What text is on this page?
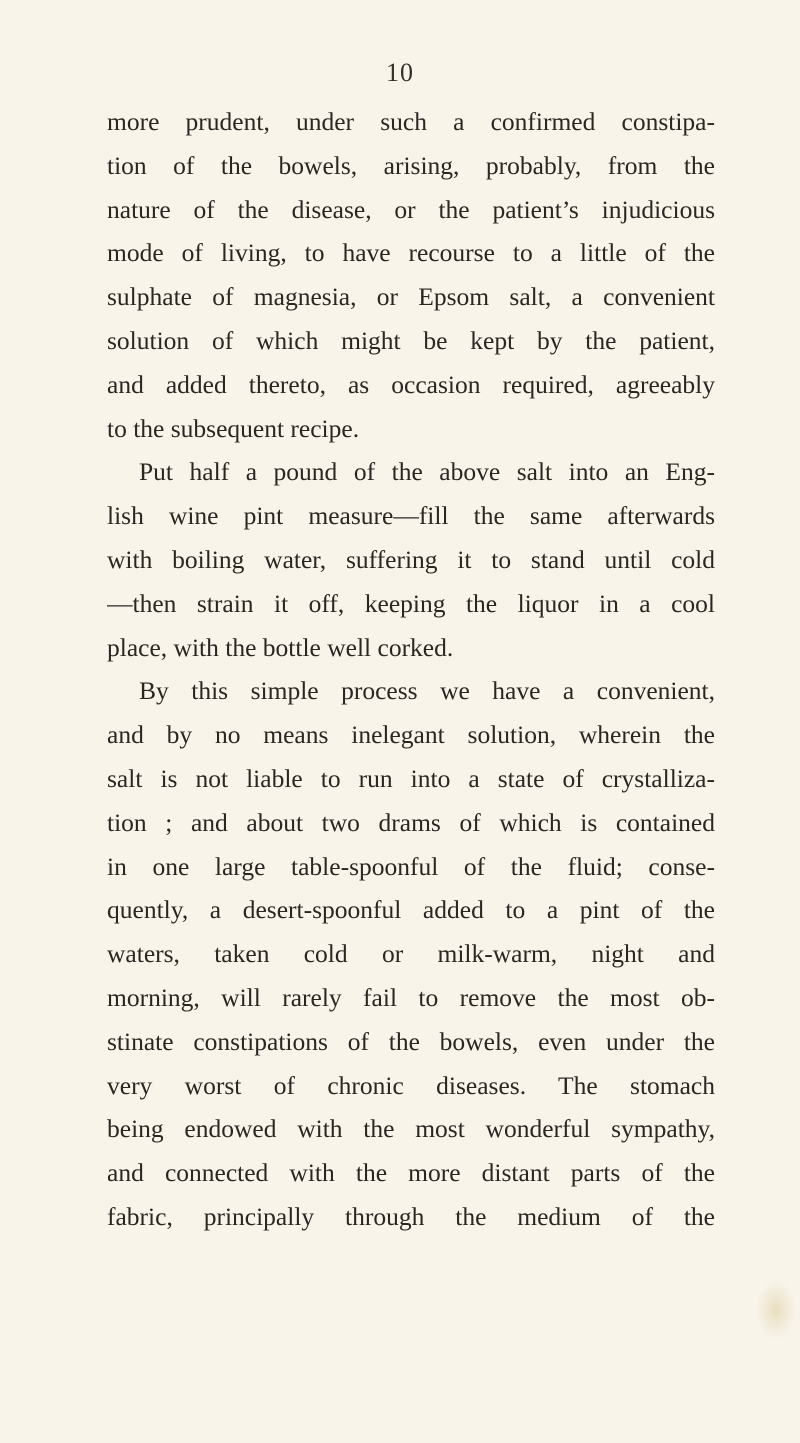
10
more prudent, under such a confirmed constipa-
tion of the bowels, arising, probably, from the
nature of the disease, or the patient’s injudicious
mode of living, to have recourse to a little of the
sulphate of magnesia, or Epsom salt, a convenient
solution of which might be kept by the patient,
and added thereto, as occasion required, agreeably
to the subsequent recipe.
Put half a pound of the above salt into an Eng-
lish wine pint measure—fill the same afterwards
with boiling water, suffering it to stand until cold
—then strain it off, keeping the liquor in a cool
place, with the bottle well corked.
By this simple process we have a convenient,
and by no means inelegant solution, wherein the
salt is not liable to run into a state of crystalliza-
tion ; and about two drams of which is contained
in one large table-spoonful of the fluid; conse-
quently, a desert-spoonful added to a pint of the
waters, taken cold or milk-warm, night and
morning, will rarely fail to remove the most ob-
stinate constipations of the bowels, even under the
very worst of chronic diseases. The stomach
being endowed with the most wonderful sympathy,
and connected with the more distant parts of the
fabric, principally through the medium of the
